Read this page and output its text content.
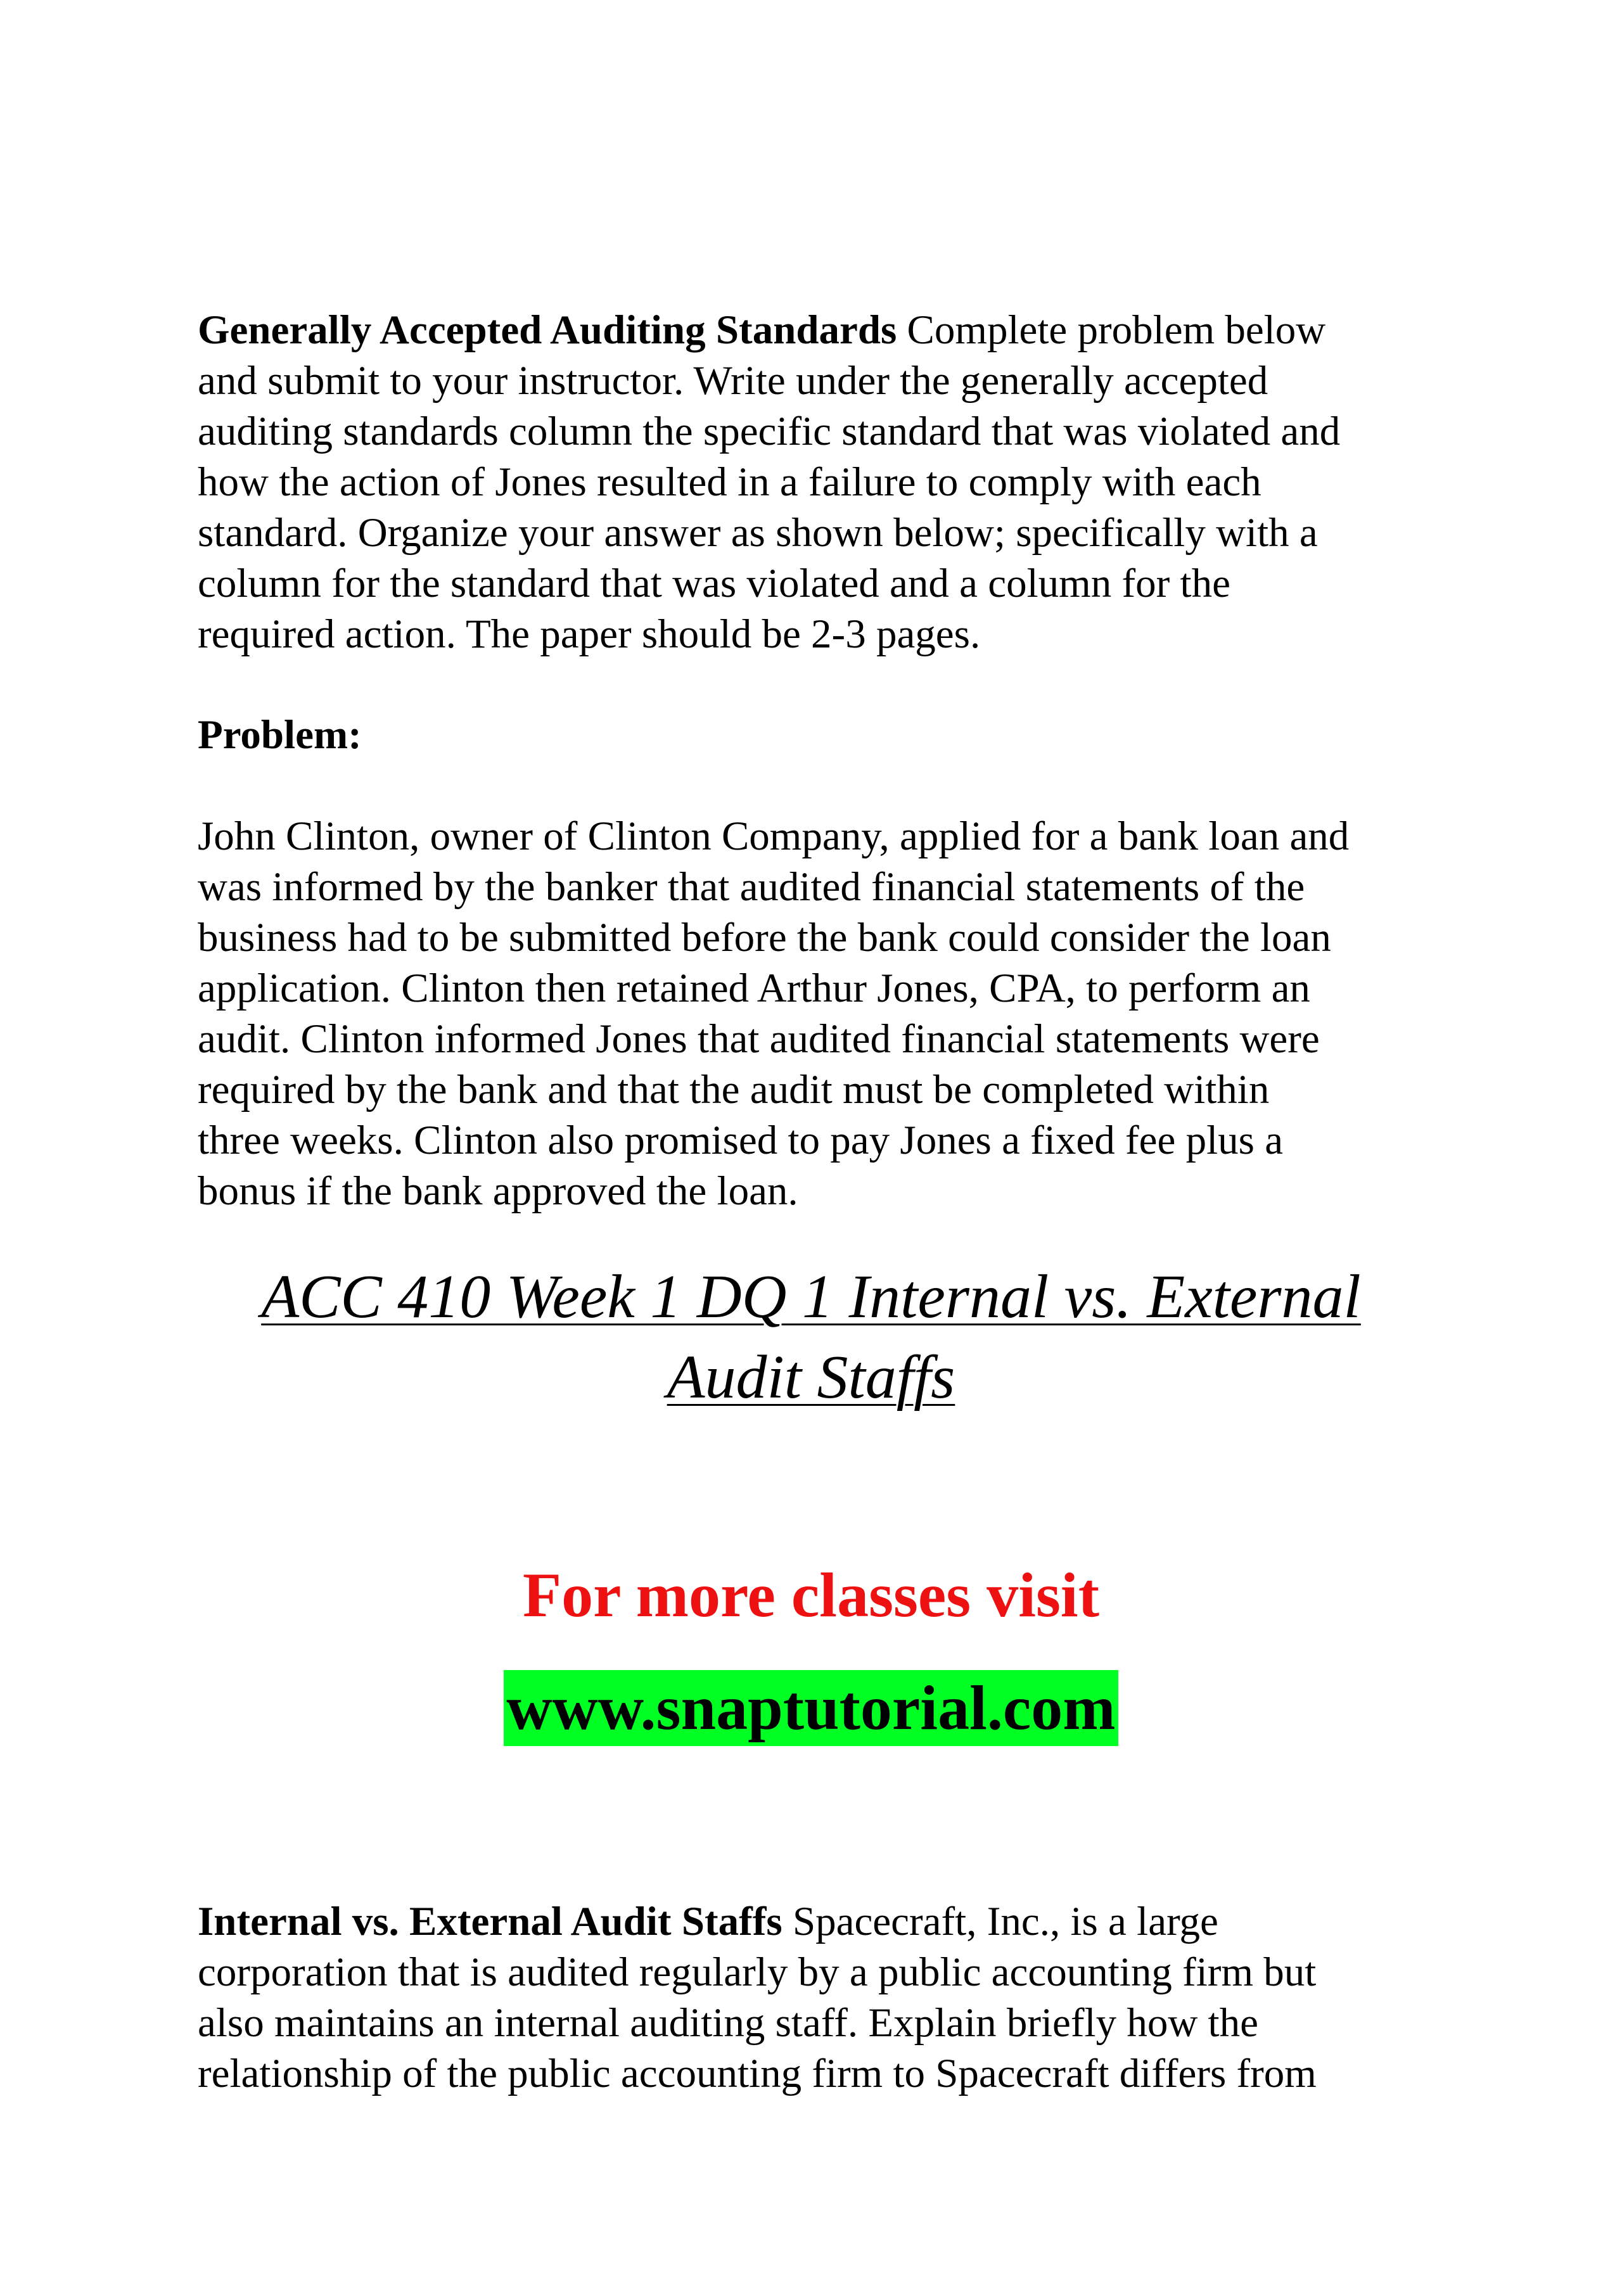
Generally Accepted Auditing Standards Complete problem below
and submit to your instructor. Write under the generally accepted
auditing standards column the specific standard that was violated and
how the action of Jones resulted in a failure to comply with each
standard. Organize your answer as shown below; specifically with a
column for the standard that was violated and a column for the
required action. The paper should be 2-3 pages.

Problem:

John Clinton, owner of Clinton Company, applied for a bank loan and
was informed by the banker that audited financial statements of the
business had to be submitted before the bank could consider the loan
application. Clinton then retained Arthur Jones, CPA, to perform an
audit. Clinton informed Jones that audited financial statements were
required by the bank and that the audit must be completed within
three weeks. Clinton also promised to pay Jones a fixed fee plus a
bonus if the bank approved the loan.

ACC 410 Week 1 DQ 1 Internal vs. External
Audit Staffs

For more classes visit

www.snaptutorial.com

Internal vs. External Audit Staffs Spacecraft, Inc., is a large
corporation that is audited regularly by a public accounting firm but
also maintains an internal auditing staff. Explain briefly how the
relationship of the public accounting firm to Spacecraft differs from
